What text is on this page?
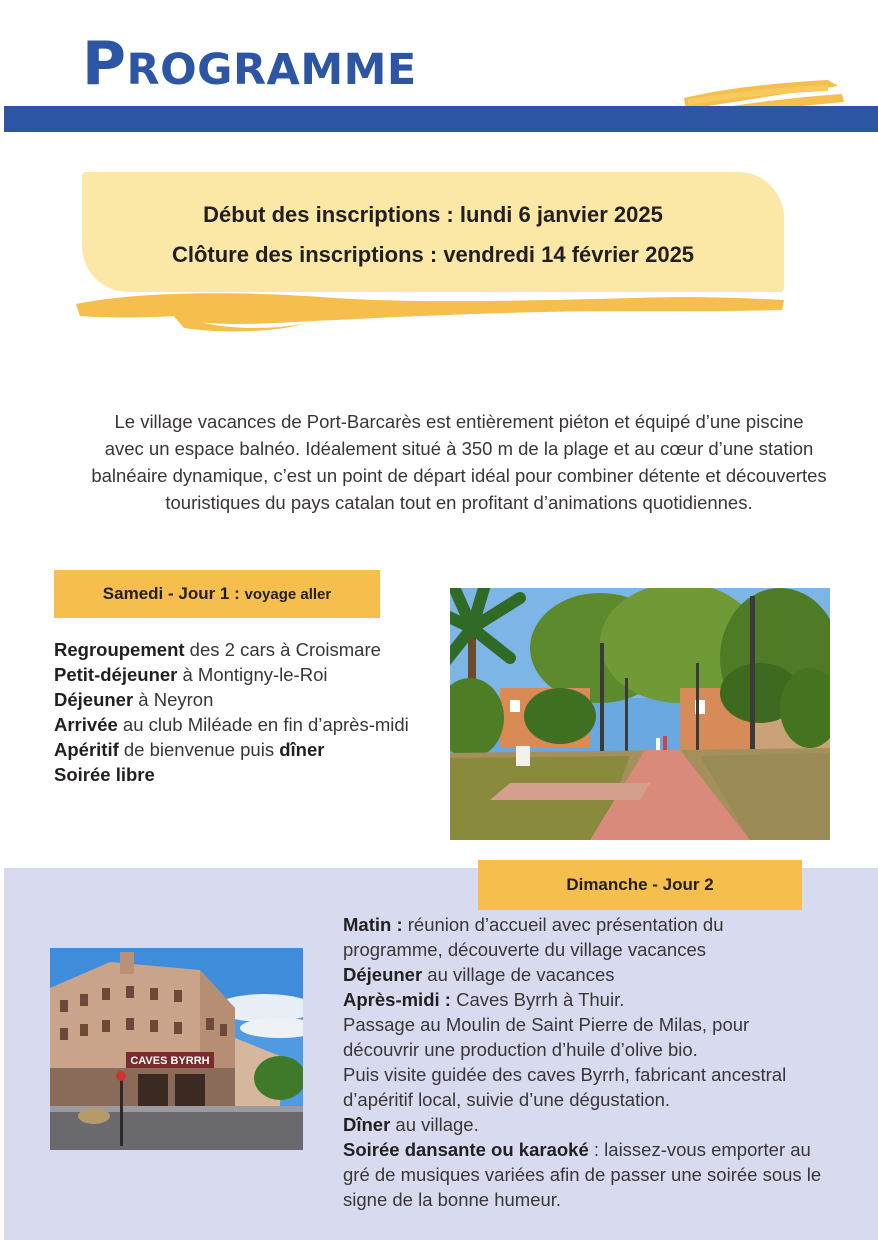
PROGRAMME
Début des inscriptions : lundi 6 janvier 2025
Clôture des inscriptions : vendredi 14 février 2025

Le village vacances de Port-Barcarès est entièrement piéton et équipé d’une piscine
avec un espace balnéo. Idéalement situé à 350 m de la plage et au cœur d’une station
balnéaire dynamique, c’est un point de départ idéal pour combiner détente et découvertes
touristiques du pays catalan tout en profitant d’animations quotidiennes.

Samedi - Jour 1 :
voyage aller
Regroupement des 2 cars à Croismare
Petit-déjeuner à Montigny-le-Roi
Déjeuner à Neyron
Arrivée au club Miléade en fin d’après-midi
Apéritif de bienvenue puis dîner
Soirée libre
Dimanche - Jour 2
Matin : réunion d’accueil avec présentation du
programme, découverte du village vacances
Déjeuner au village de vacances
Après-midi : Caves Byrrh à Thuir.
Passage au Moulin de Saint Pierre de Milas, pour
découvrir une production d’huile d’olive bio.
Puis visite guidée des caves Byrrh, fabricant ancestral
d’apéritif local, suivie d’une dégustation.
Dîner au village.
Soirée dansante ou karaoké : laissez-vous emporter au
gré de musiques variées afin de passer une soirée sous le
signe de la bonne humeur.
CAVES BYRRH
